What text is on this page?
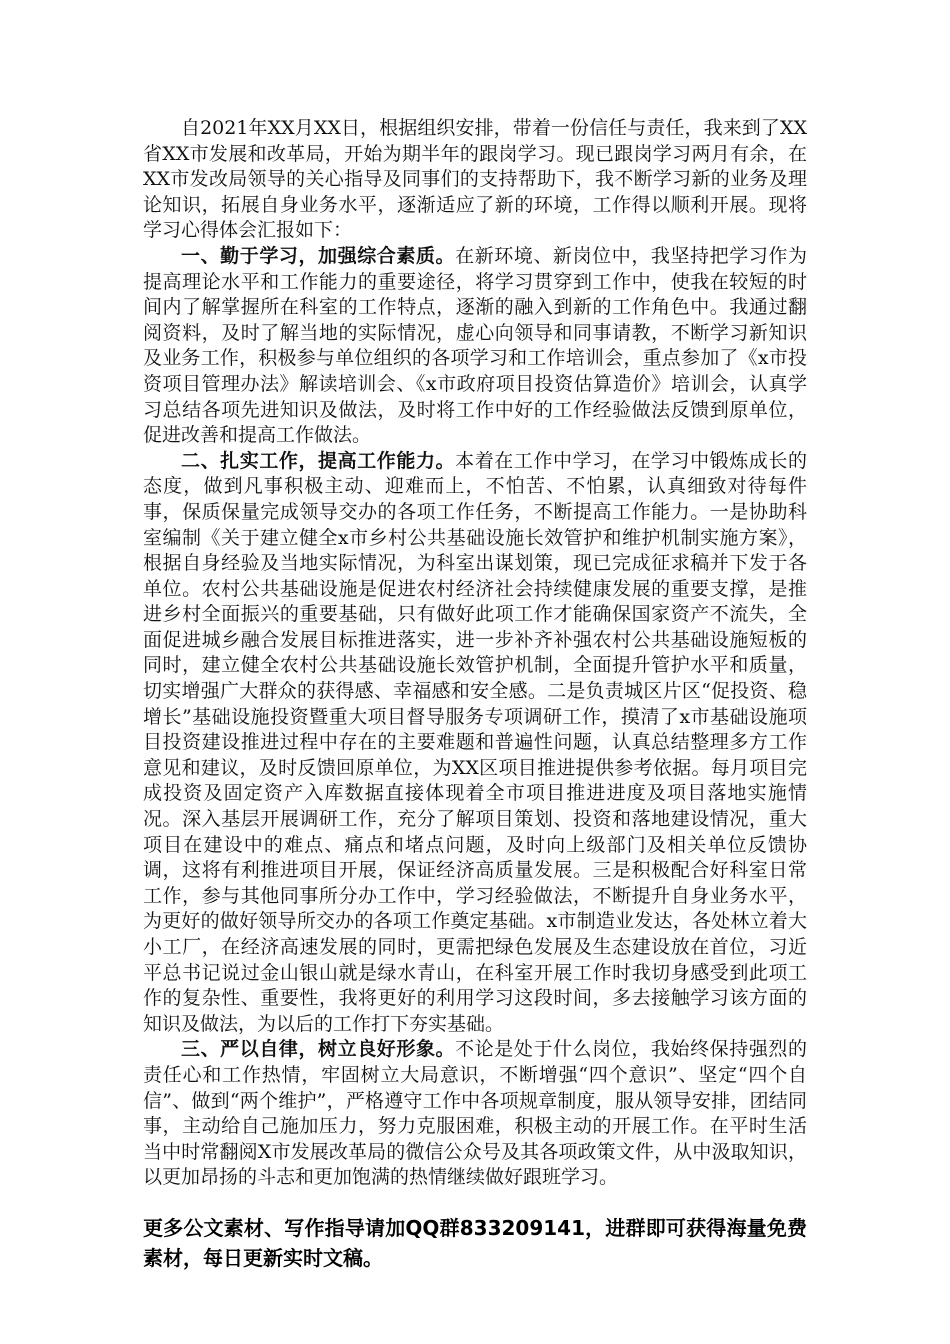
自2021年XX月XX日，根据组织安排，带着一份信任与责任，我来到了XX省XX市发展和改革局，开始为期半年的跟岗学习。现已跟岗学习两月有余，在XX市发改局领导的关心指导及同事们的支持帮助下，我不断学习新的业务及理论知识，拓展自身业务水平，逐渐适应了新的环境，工作得以顺利开展。现将学习心得体会汇报如下：

一、勤于学习，加强综合素质。在新环境、新岗位中，我坚持把学习作为提高理论水平和工作能力的重要途径，将学习贯穿到工作中，使我在较短的时间内了解掌握所在科室的工作特点，逐渐的融入到新的工作角色中。我通过翻阅资料，及时了解当地的实际情况，虚心向领导和同事请教，不断学习新知识及业务工作，积极参与单位组织的各项学习和工作培训会，重点参加了《x市投资项目管理办法》解读培训会、《x市政府项目投资估算造价》培训会，认真学习总结各项先进知识及做法，及时将工作中好的工作经验做法反馈到原单位，促进改善和提高工作做法。

二、扎实工作，提高工作能力。本着在工作中学习，在学习中锻炼成长的态度，做到凡事积极主动、迎难而上，不怕苦、不怕累，认真细致对待每件事，保质保量完成领导交办的各项工作任务，不断提高工作能力。一是协助科室编制《关于建立健全x市乡村公共基础设施长效管护和维护机制实施方案》，根据自身经验及当地实际情况，为科室出谋划策，现已完成征求稿并下发于各单位。农村公共基础设施是促进农村经济社会持续健康发展的重要支撑，是推进乡村全面振兴的重要基础，只有做好此项工作才能确保国家资产不流失，全面促进城乡融合发展目标推进落实，进一步补齐补强农村公共基础设施短板的同时，建立健全农村公共基础设施长效管护机制，全面提升管护水平和质量，切实增强广大群众的获得感、幸福感和安全感。二是负责城区片区“促投资、稳增长”基础设施投资暨重大项目督导服务专项调研工作，摸清了x市基础设施项目投资建设推进过程中存在的主要难题和普遍性问题，认真总结整理多方工作意见和建议，及时反馈回原单位，为XX区项目推进提供参考依据。每月项目完成投资及固定资产入库数据直接体现着全市项目推进进度及项目落地实施情况。深入基层开展调研工作，充分了解项目策划、投资和落地建设情况，重大项目在建设中的难点、痛点和堵点问题，及时向上级部门及相关单位反馈协调，这将有利推进项目开展，保证经济高质量发展。三是积极配合好科室日常工作，参与其他同事所分办工作中，学习经验做法，不断提升自身业务水平，为更好的做好领导所交办的各项工作奠定基础。x市制造业发达，各处林立着大小工厂，在经济高速发展的同时，更需把绿色发展及生态建设放在首位，习近平总书记说过金山银山就是绿水青山，在科室开展工作时我切身感受到此项工作的复杂性、重要性，我将更好的利用学习这段时间，多去接触学习该方面的知识及做法，为以后的工作打下夯实基础。

三、严以自律，树立良好形象。不论是处于什么岗位，我始终保持强烈的责任心和工作热情，牢固树立大局意识，不断增强“四个意识”、坚定“四个自信”、做到“两个维护”，严格遵守工作中各项规章制度，服从领导安排，团结同事，主动给自己施加压力，努力克服困难，积极主动的开展工作。在平时生活当中时常翻阅X市发展改革局的微信公众号及其各项政策文件，从中汲取知识，以更加昂扬的斗志和更加饱满的热情继续做好跟班学习。

更多公文素材、写作指导请加QQ群833209141，进群即可获得海量免费素材，每日更新实时文稿。
